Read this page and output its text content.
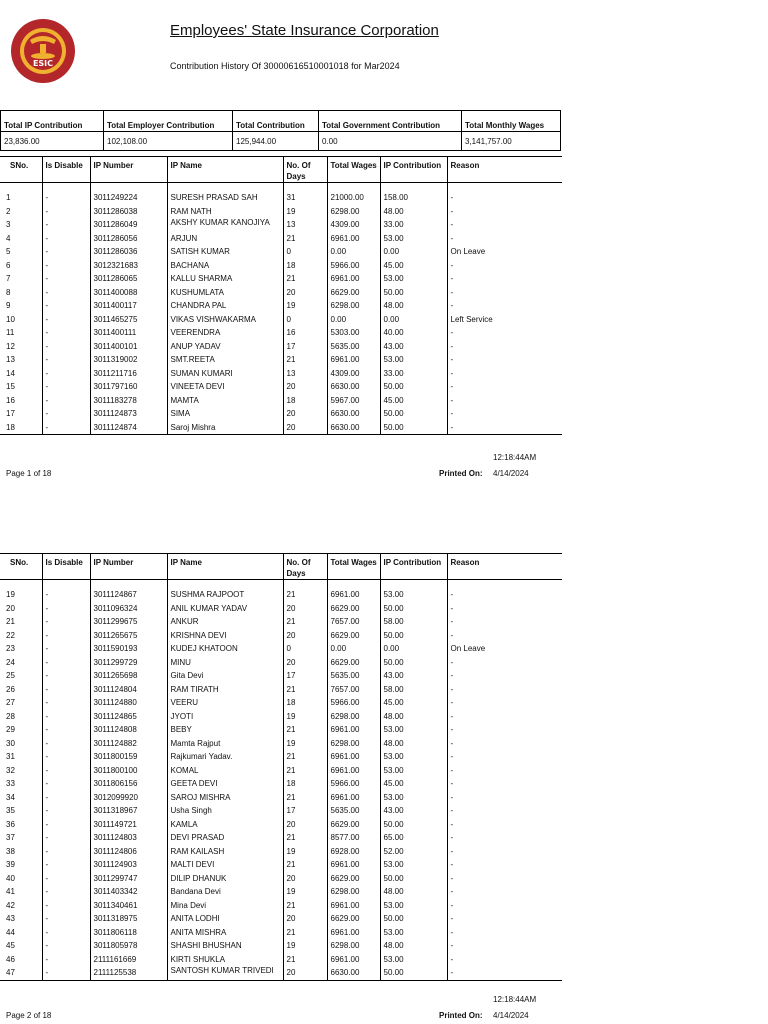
ESIC
Employees' State Insurance Corporation
Contribution History Of 30000616510001018 for Mar2024
Total IP Contribution	Total Employer Contribution	Total Contribution	Total Government Contribution	Total Monthly Wages
23,836.00	102,108.00	125,944.00	0.00	3,141,757.00
SNo.	Is Disable	IP Number	IP Name	No. Of Days	Total Wages	IP Contribution	Reason

1	-	3011249224	SURESH PRASAD SAH	31	21000.00	158.00	-
2	-	3011286038	RAM NATH	19	6298.00	48.00	-
3	-	3011286049	AKSHY KUMAR KANOJIYA	13	4309.00	33.00	-
4	-	3011286056	ARJUN	21	6961.00	53.00	-
5	-	3011286036	SATISH KUMAR	0	0.00	0.00	On Leave
6	-	3012321683	BACHANA	18	5966.00	45.00	-
7	-	3011286065	KALLU SHARMA	21	6961.00	53.00	-
8	-	3011400088	KUSHUMLATA	20	6629.00	50.00	-
9	-	3011400117	CHANDRA PAL	19	6298.00	48.00	-
10	-	3011465275	VIKAS VISHWAKARMA	0	0.00	0.00	Left Service
11	-	3011400111	VEERENDRA	16	5303.00	40.00	-
12	-	3011400101	ANUP YADAV	17	5635.00	43.00	-
13	-	3011319002	SMT.REETA	21	6961.00	53.00	-
14	-	3011211716	SUMAN KUMARI	13	4309.00	33.00	-
15	-	3011797160	VINEETA DEVI	20	6630.00	50.00	-
16	-	3011183278	MAMTA	18	5967.00	45.00	-
17	-	3011124873	SIMA	20	6630.00	50.00	-
18	-	3011124874	Saroj Mishra	20	6630.00	50.00	-
12:18:44AM
Page 1 of 18	Printed On: 4/14/2024
SNo.	Is Disable	IP Number	IP Name	No. Of Days	Total Wages	IP Contribution	Reason

19	-	3011124867	SUSHMA RAJPOOT	21	6961.00	53.00	-
20	-	3011096324	ANIL KUMAR YADAV	20	6629.00	50.00	-
21	-	3011299675	ANKUR	21	7657.00	58.00	-
22	-	3011265675	KRISHNA DEVI	20	6629.00	50.00	-
23	-	3011590193	KUDEJ KHATOON	0	0.00	0.00	On Leave
24	-	3011299729	MINU	20	6629.00	50.00	-
25	-	3011265698	Gita Devi	17	5635.00	43.00	-
26	-	3011124804	RAM TIRATH	21	7657.00	58.00	-
27	-	3011124880	VEERU	18	5966.00	45.00	-
28	-	3011124865	JYOTI	19	6298.00	48.00	-
29	-	3011124808	BEBY	21	6961.00	53.00	-
30	-	3011124882	Mamta Rajput	19	6298.00	48.00	-
31	-	3011800159	Rajkumari Yadav.	21	6961.00	53.00	-
32	-	3011800100	KOMAL	21	6961.00	53.00	-
33	-	3011806156	GEETA DEVI	18	5966.00	45.00	-
34	-	3012099920	SAROJ MISHRA	21	6961.00	53.00	-
35	-	3011318967	Usha Singh	17	5635.00	43.00	-
36	-	3011149721	KAMLA	20	6629.00	50.00	-
37	-	3011124803	DEVI PRASAD	21	8577.00	65.00	-
38	-	3011124806	RAM KAILASH	19	6928.00	52.00	-
39	-	3011124903	MALTI DEVI	21	6961.00	53.00	-
40	-	3011299747	DILIP DHANUK	20	6629.00	50.00	-
41	-	3011403342	Bandana Devi	19	6298.00	48.00	-
42	-	3011340461	Mina Devi	21	6961.00	53.00	-
43	-	3011318975	ANITA LODHI	20	6629.00	50.00	-
44	-	3011806118	ANITA MISHRA	21	6961.00	53.00	-
45	-	3011805978	SHASHI BHUSHAN	19	6298.00	48.00	-
46	-	2111161669	KIRTI SHUKLA	21	6961.00	53.00	-
47	-	2111125538	SANTOSH KUMAR TRIVEDI	20	6630.00	50.00	-
12:18:44AM
Page 2 of 18	Printed On: 4/14/2024
